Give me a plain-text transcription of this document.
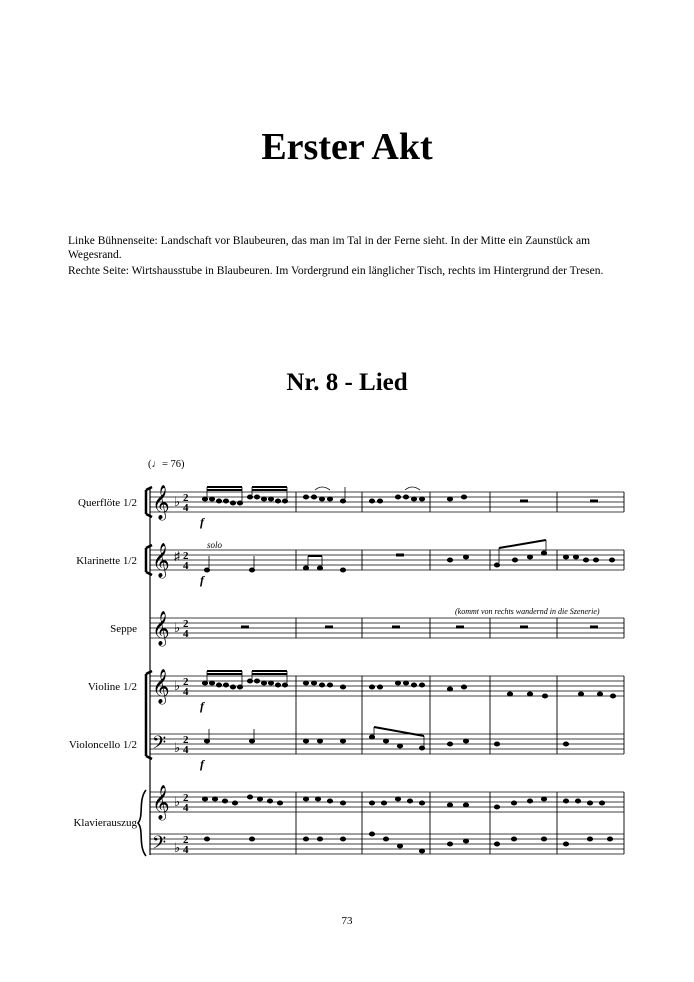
Erster Akt

Linke Bühnenseite: Landschaft vor Blaubeuren, das man im Tal in der Ferne sieht. In der Mitte ein Zaunstück am Wegesrand.

Rechte Seite: Wirtshausstube in Blaubeuren. Im Vordergrund ein länglicher Tisch, rechts im Hintergrund der Tresen.

Nr. 8 - Lied
(♩= 76)
Querflöte 1/2
Klarinette 1/2
Seppe
Violine 1/2
Violoncello 1/2
Klavierauszug
𝄞
𝄞
𝄞
𝄞
𝄞
𝄢
𝄢
♭
♭
♭
♭
♭
♭
♯
2
4
2
4
2
4
2
4
2
4
2
4
2
4
solo
(kommt von rechts wandernd in die Szenerie)
f
f
f
f
73
